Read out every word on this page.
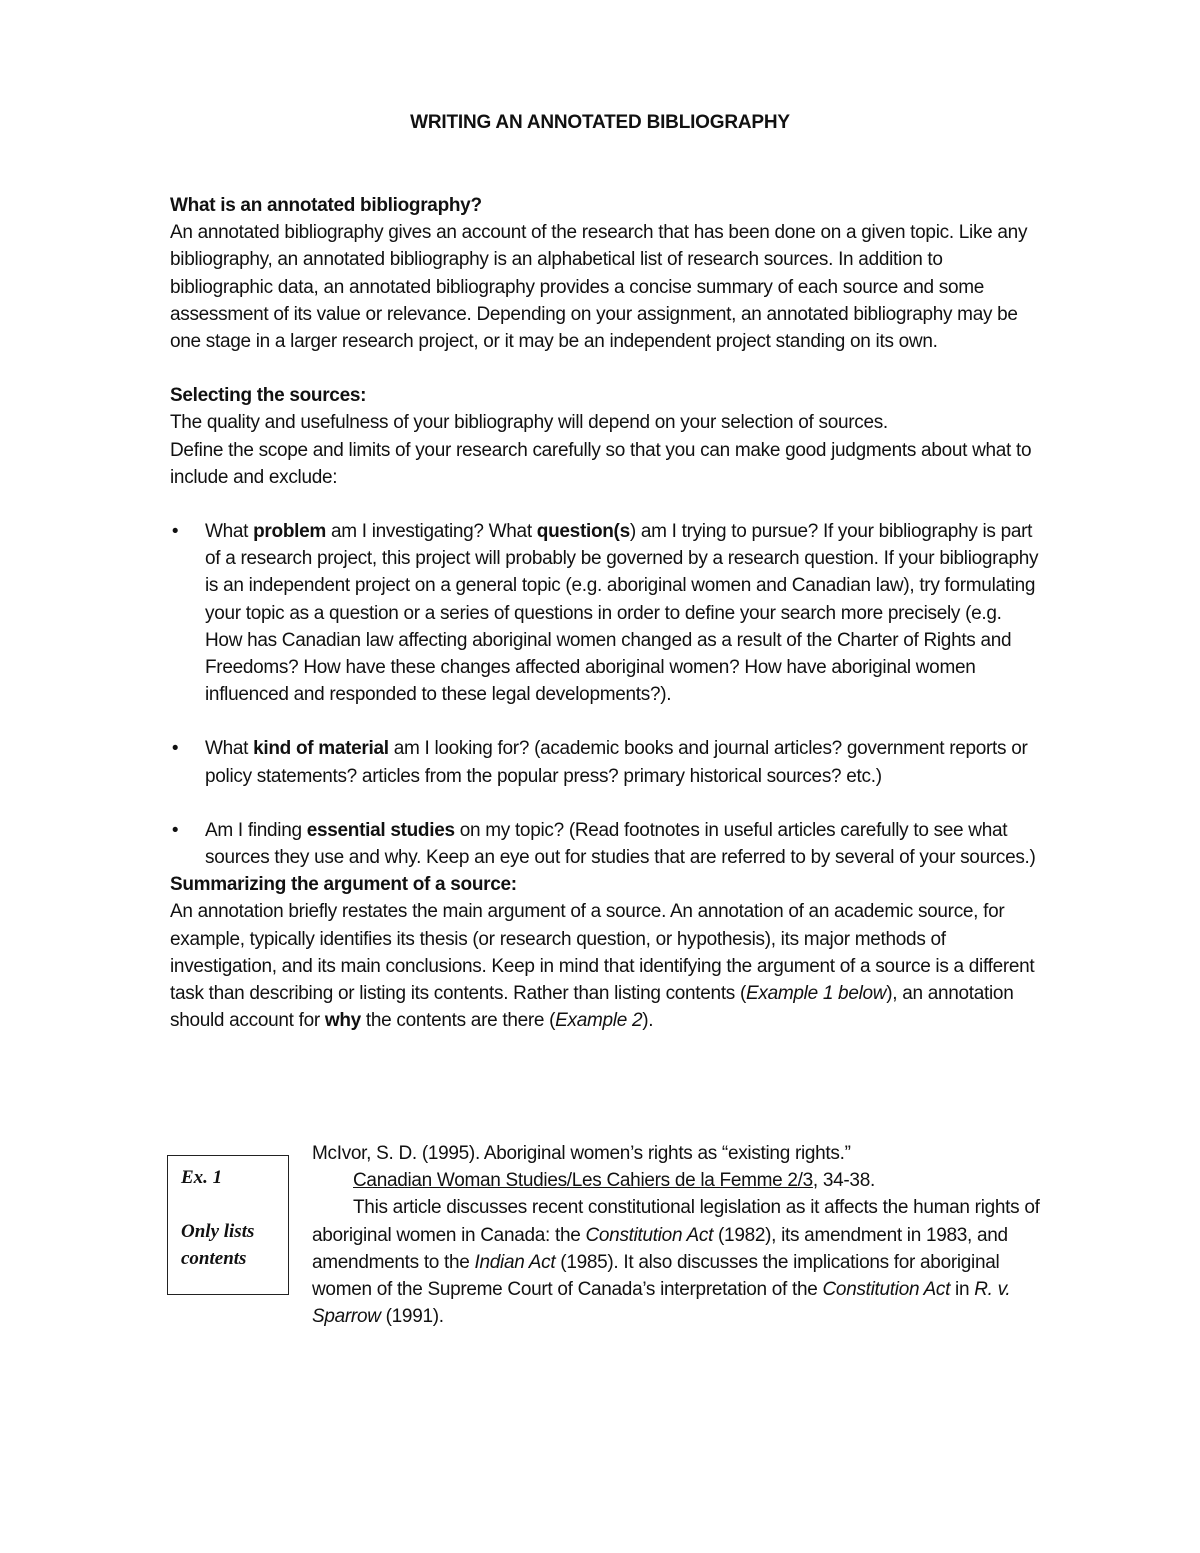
WRITING AN ANNOTATED BIBLIOGRAPHY

What is an annotated bibliography?

An annotated bibliography gives an account of the research that has been done on a given topic. Like any bibliography, an annotated bibliography is an alphabetical list of research sources. In addition to bibliographic data, an annotated bibliography provides a concise summary of each source and some assessment of its value or relevance. Depending on your assignment, an annotated bibliography may be one stage in a larger research project, or it may be an independent project standing on its own.

Selecting the sources:

The quality and usefulness of your bibliography will depend on your selection of sources.

Define the scope and limits of your research carefully so that you can make good judgments about what to include and exclude:

• What problem am I investigating? What question(s) am I trying to pursue? If your bibliography is part of a research project, this project will probably be governed by a research question. If your bibliography is an independent project on a general topic (e.g. aboriginal women and Canadian law), try formulating your topic as a question or a series of questions in order to define your search more precisely (e.g. How has Canadian law affecting aboriginal women changed as a result of the Charter of Rights and Freedoms? How have these changes affected aboriginal women? How have aboriginal women influenced and responded to these legal developments?).
• What kind of material am I looking for? (academic books and journal articles? government reports or policy statements? articles from the popular press? primary historical sources? etc.)
• Am I finding essential studies on my topic? (Read footnotes in useful articles carefully to see what sources they use and why. Keep an eye out for studies that are referred to by several of your sources.)

Summarizing the argument of a source:

An annotation briefly restates the main argument of a source. An annotation of an academic source, for example, typically identifies its thesis (or research question, or hypothesis), its major methods of investigation, and its main conclusions. Keep in mind that identifying the argument of a source is a different task than describing or listing its contents. Rather than listing contents (Example 1 below), an annotation should account for why the contents are there (Example 2).

Ex. 1
Only lists
contents
McIvor, S. D. (1995). Aboriginal women’s rights as “existing rights.”
Canadian Woman Studies/Les Cahiers de la Femme 2/3, 34-38.

This article discusses recent constitutional legislation as it affects the human rights of aboriginal women in Canada: the Constitution Act (1982), its amendment in 1983, and amendments to the Indian Act (1985). It also discusses the implications for aboriginal women of the Supreme Court of Canada’s interpretation of the Constitution Act in R. v. Sparrow (1991).
